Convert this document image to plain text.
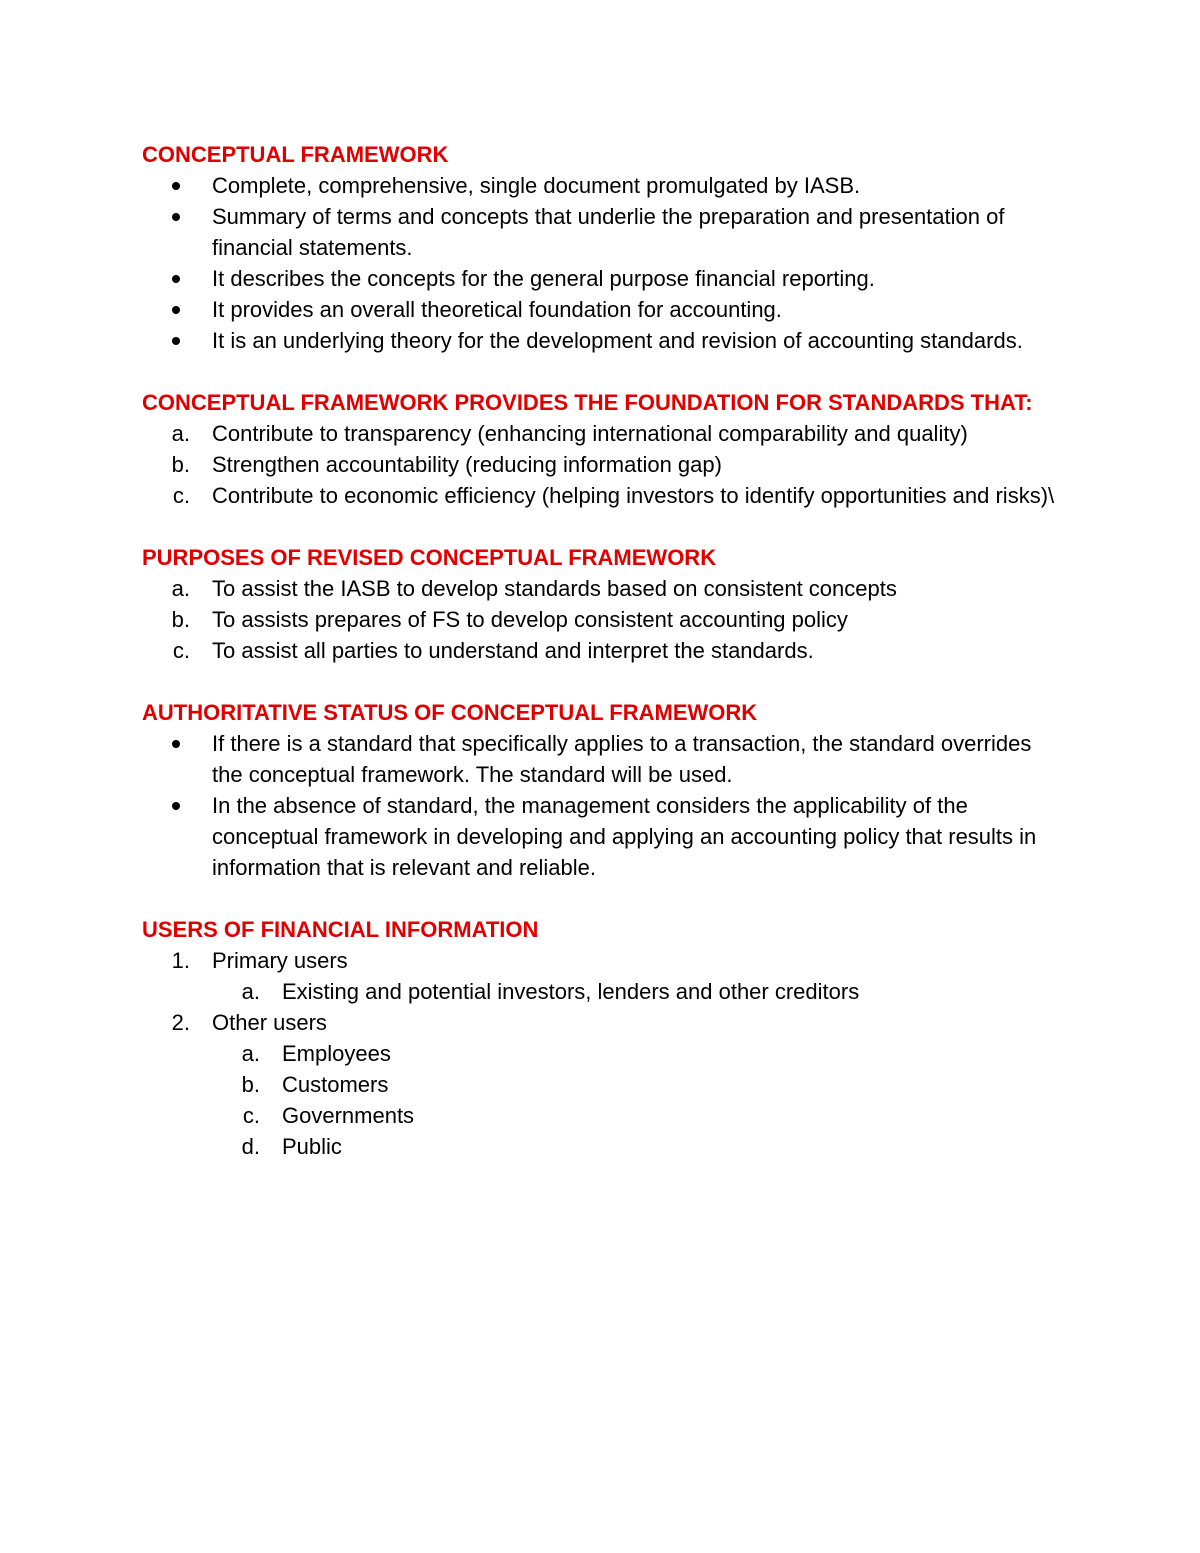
CONCEPTUAL FRAMEWORK

Complete, comprehensive, single document promulgated by IASB.
Summary of terms and concepts that underlie the preparation and presentation of financial statements.
It describes the concepts for the general purpose financial reporting.
It provides an overall theoretical foundation for accounting.
It is an underlying theory for the development and revision of accounting standards.

CONCEPTUAL FRAMEWORK PROVIDES THE FOUNDATION FOR STANDARDS THAT:

a. Contribute to transparency (enhancing international comparability and quality)
b. Strengthen accountability (reducing information gap)
c. Contribute to economic efficiency (helping investors to identify opportunities and risks)\

PURPOSES OF REVISED CONCEPTUAL FRAMEWORK

a. To assist the IASB to develop standards based on consistent concepts
b. To assists prepares of FS to develop consistent accounting policy
c. To assist all parties to understand and interpret the standards.

AUTHORITATIVE STATUS OF CONCEPTUAL FRAMEWORK

If there is a standard that specifically applies to a transaction, the standard overrides the conceptual framework. The standard will be used.
In the absence of standard, the management considers the applicability of the conceptual framework in developing and applying an accounting policy that results in information that is relevant and reliable.

USERS OF FINANCIAL INFORMATION

1. Primary users
a. Existing and potential investors, lenders and other creditors
2. Other users
a. Employees
b. Customers
c. Governments
d. Public
